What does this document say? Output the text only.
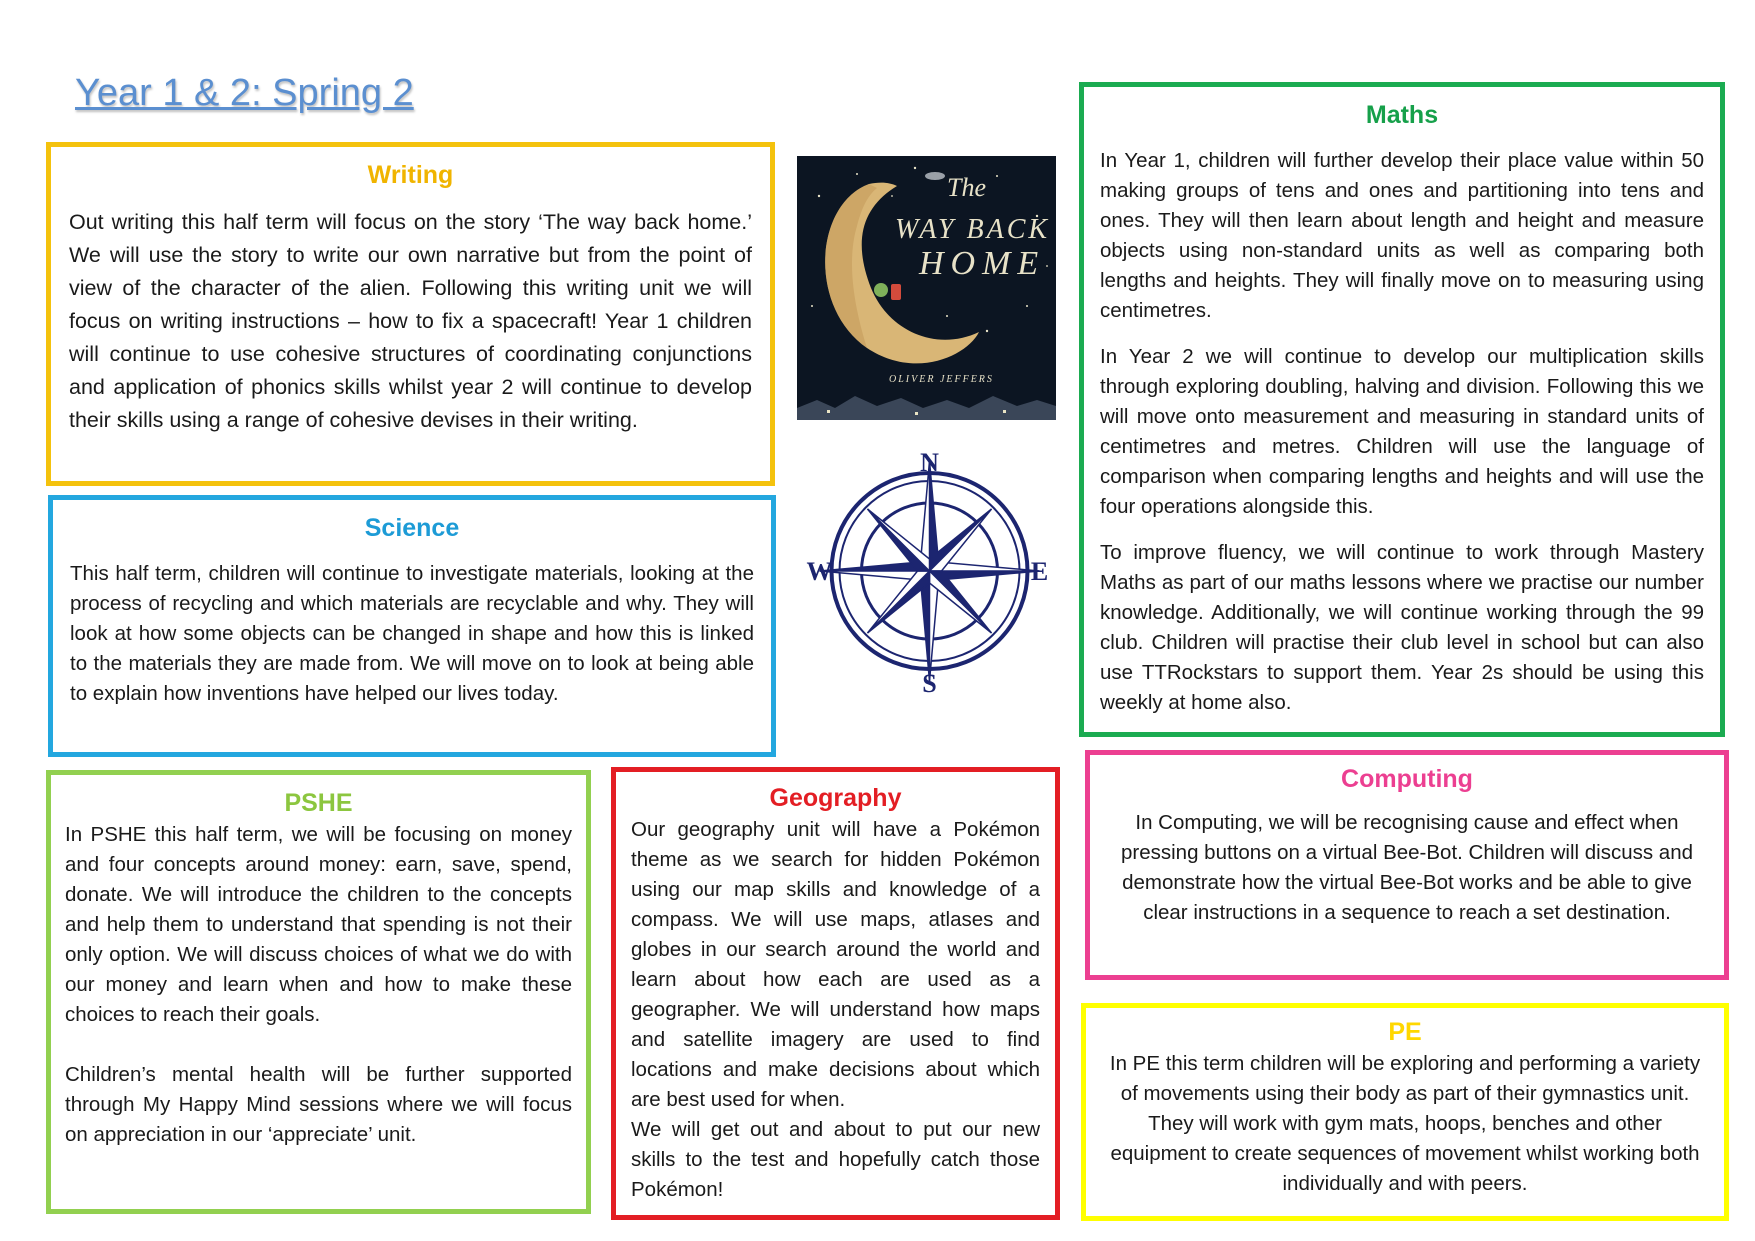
Year 1 & 2: Spring 2
Writing

Out writing this half term will focus on the story ‘The way back home.’ We will use the story to write our own narrative but from the point of view of the character of the alien. Following this writing unit we will focus on writing instructions – how to fix a spacecraft! Year 1 children will continue to use cohesive structures of coordinating conjunctions and application of phonics skills whilst year 2 will continue to develop their skills using a range of cohesive devises in their writing.

Science

This half term, children will continue to investigate materials, looking at the process of recycling and which materials are recyclable and why. They will look at how some objects can be changed in shape and how this is linked to the materials they are made from. We will move on to look at being able to explain how inventions have helped our lives today.

Maths

In Year 1, children will further develop their place value within 50 making groups of tens and ones and partitioning into tens and ones. They will then learn about length and height and measure objects using non-standard units as well as comparing both lengths and heights. They will finally move on to measuring using centimetres.

In Year 2 we will continue to develop our multiplication skills through exploring doubling, halving and division. Following this we will move onto measurement and measuring in standard units of centimetres and metres. Children will use the language of comparison when comparing lengths and heights and will use the four operations alongside this.

To improve fluency, we will continue to work through Mastery Maths as part of our maths lessons where we practise our number knowledge. Additionally, we will continue working through the 99 club. Children will practise their club level in school but can also use TTRockstars to support them. Year 2s should be using this weekly at home also.

PSHE

In PSHE this half term, we will be focusing on money and four concepts around money: earn, save, spend, donate. We will introduce the children to the concepts and help them to understand that spending is not their only option. We will discuss choices of what we do with our money and learn when and how to make these choices to reach their goals.

Children’s mental health will be further supported through My Happy Mind sessions where we will focus on appreciation in our ‘appreciate’ unit.

Geography

Our geography unit will have a Pokémon theme as we search for hidden Pokémon using our map skills and knowledge of a compass. We will use maps, atlases and globes in our search around the world and learn about how each are used as a geographer. We will understand how maps and satellite imagery are used to find locations and make decisions about which are best used for when.

We will get out and about to put our new skills to the test and hopefully catch those Pokémon!

Computing

In Computing, we will be recognising cause and effect when pressing buttons on a virtual Bee-Bot. Children will discuss and demonstrate how the virtual Bee-Bot works and be able to give clear instructions in a sequence to reach a set destination.

PE

In PE this term children will be exploring and performing a variety of movements using their body as part of their gymnastics unit. They will work with gym mats, hoops, benches and other equipment to create sequences of movement whilst working both individually and with peers.

The
WAY BACK
HOME
OLIVER JEFFERS
N
E
S
W
